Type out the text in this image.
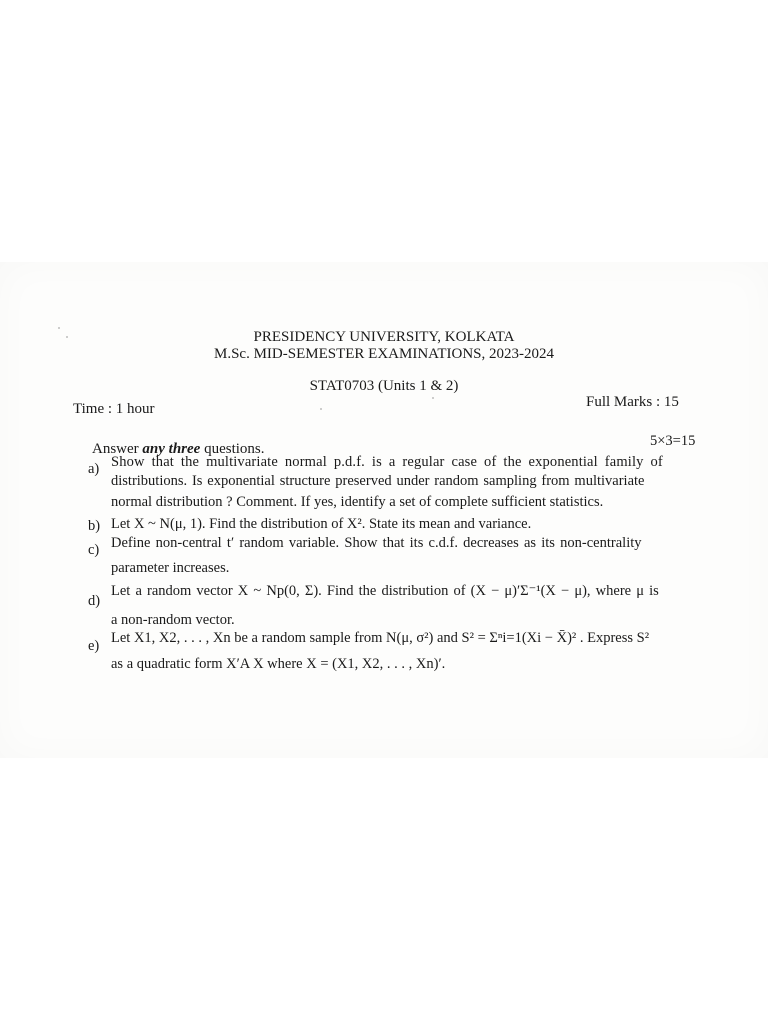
PRESIDENCY UNIVERSITY, KOLKATA
M.Sc. MID-SEMESTER EXAMINATIONS, 2023-2024
STAT0703 (Units 1 & 2)
Time : 1 hour	Full Marks : 15
Answer any three questions.	5×3=15
a) Show that the multivariate normal p.d.f. is a regular case of the exponential family of
distributions. Is exponential structure preserved under random sampling from multivariate
normal distribution ? Comment. If yes, identify a set of complete sufficient statistics.
b) Let X ~ N(μ, 1). Find the distribution of X². State its mean and variance.
c) Define non-central t′ random variable. Show that its c.d.f. decreases as its non-centrality
parameter increases.
d)
Let a random vector X ~ Np(0, Σ). Find the distribution of (X − μ)′Σ⁻¹(X − μ), where μ is
a non-random vector.
e) Let X1, X2, . . . , Xn be a random sample from N(μ, σ²) and S² = Σⁿi=1(Xi − X̄)² . Express S²
as a quadratic form X′A X where X = (X1, X2, . . . , Xn)′.
